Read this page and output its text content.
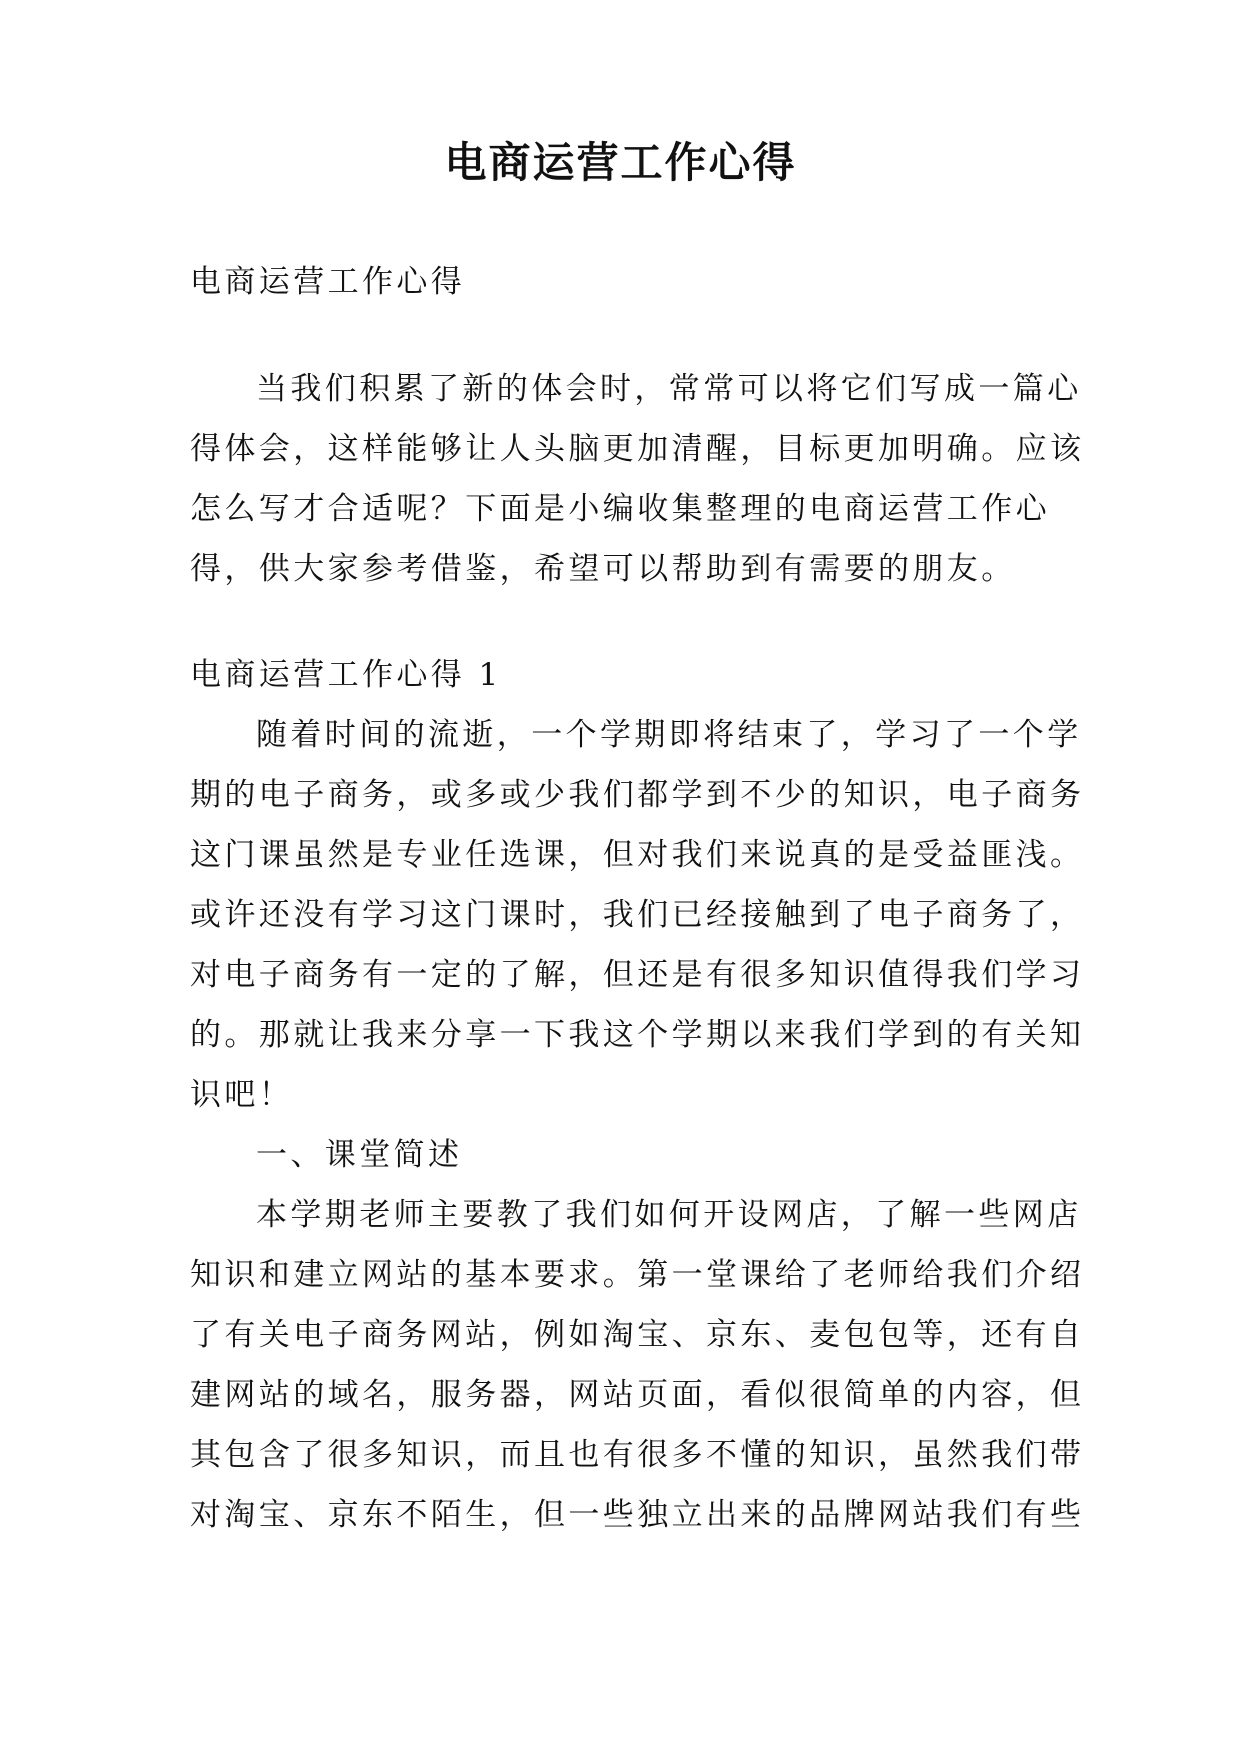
电商运营工作心得
电商运营工作心得
当我们积累了新的体会时，常常可以将它们写成一篇心
得体会，这样能够让人头脑更加清醒，目标更加明确。应该
怎么写才合适呢？下面是小编收集整理的电商运营工作心
得，供大家参考借鉴，希望可以帮助到有需要的朋友。
电商运营工作心得 1
随着时间的流逝，一个学期即将结束了，学习了一个学
期的电子商务，或多或少我们都学到不少的知识，电子商务
这门课虽然是专业任选课，但对我们来说真的是受益匪浅。
或许还没有学习这门课时，我们已经接触到了电子商务了，
对电子商务有一定的了解，但还是有很多知识值得我们学习
的。那就让我来分享一下我这个学期以来我们学到的有关知
识吧！
一、课堂简述
本学期老师主要教了我们如何开设网店，了解一些网店
知识和建立网站的基本要求。第一堂课给了老师给我们介绍
了有关电子商务网站，例如淘宝、京东、麦包包等，还有自
建网站的域名，服务器，网站页面，看似很简单的内容，但
其包含了很多知识，而且也有很多不懂的知识，虽然我们带
对淘宝、京东不陌生，但一些独立出来的品牌网站我们有些
